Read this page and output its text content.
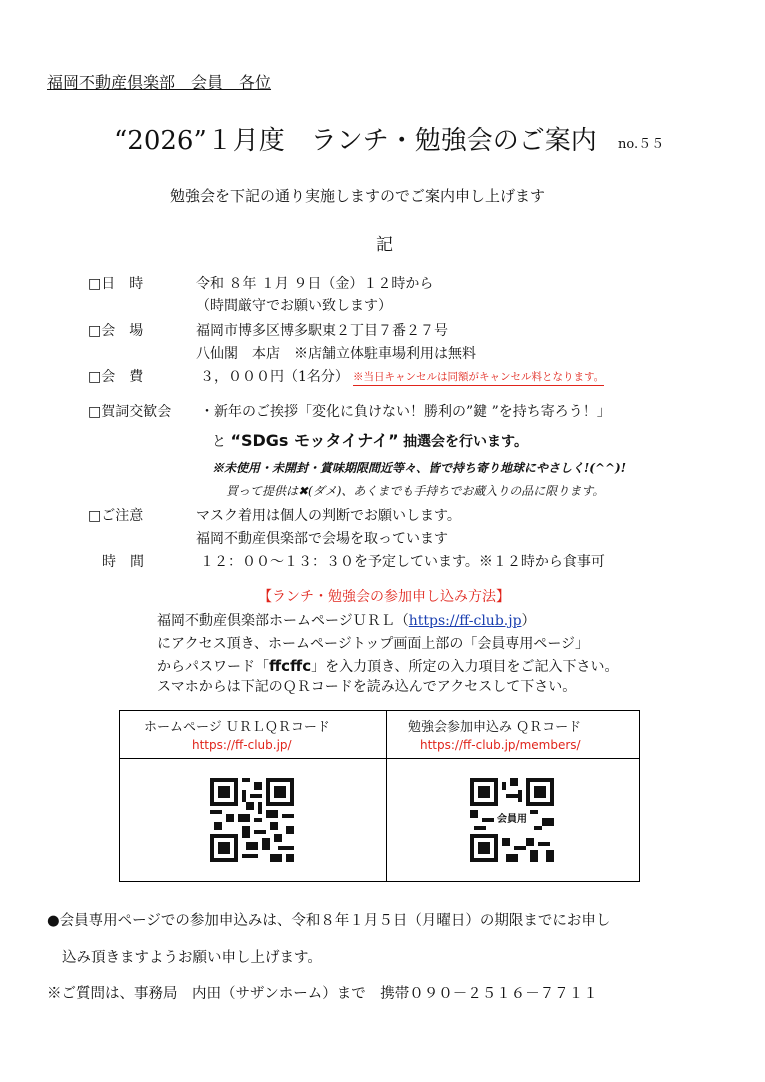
福岡不動産倶楽部　会員　各位
“2026”１月度　ランチ・勉強会のご案内 no.５５
勉強会を下記の通り実施しますのでご案内申し上げます
記
□日　時	令和 ８年 １月 ９日（金）１２時から
（時間厳守でお願い致します）
□会　場	福岡市博多区博多駅東２丁目７番２７号
八仙閣　本店　※店舗立体駐車場利用は無料
□会　費	３，０００円（1名分） ※当日キャンセルは同額がキャンセル料となります。
□賀詞交歓会 ・新年のご挨拶「変化に負けない！勝利の”鍵 ”を持ち寄ろう！」
と “SDGs モッタイナイ” 抽選会を行います。
※未使用・未開封・賞味期限間近等々、皆で持ち寄り地球にやさしく!(^^)!
買って提供は✖(ダメ)、あくまでも手持ちでお蔵入りの品に限ります。
□ご注意	マスク着用は個人の判断でお願いします。
福岡不動産倶楽部で会場を取っています
時　間	１２：００～１３：３０を予定しています。※１２時から食事可
【ランチ・勉強会の参加申し込み方法】
福岡不動産倶楽部ホームページＵＲＬ（https://ff-club.jp）
にアクセス頂き、ホームページトップ画面上部の「会員専用ページ」
からパスワード「ffcffc」を入力頂き、所定の入力項目をご記入下さい。
スマホからは下記のＱＲコードを読み込んでアクセスして下さい。
ホームページ ＵＲＬＱＲコード
https://ff-club.jp/
勉強会参加申込み ＱＲコード
https://ff-club.jp/members/
会員用
●会員専用ページでの参加申込みは、令和８年１月５日（月曜日）の期限までにお申し
込み頂きますようお願い申し上げます。
※ご質問は、事務局　内田（サザンホーム）まで　携帯０９０－２５１６－７７１１
